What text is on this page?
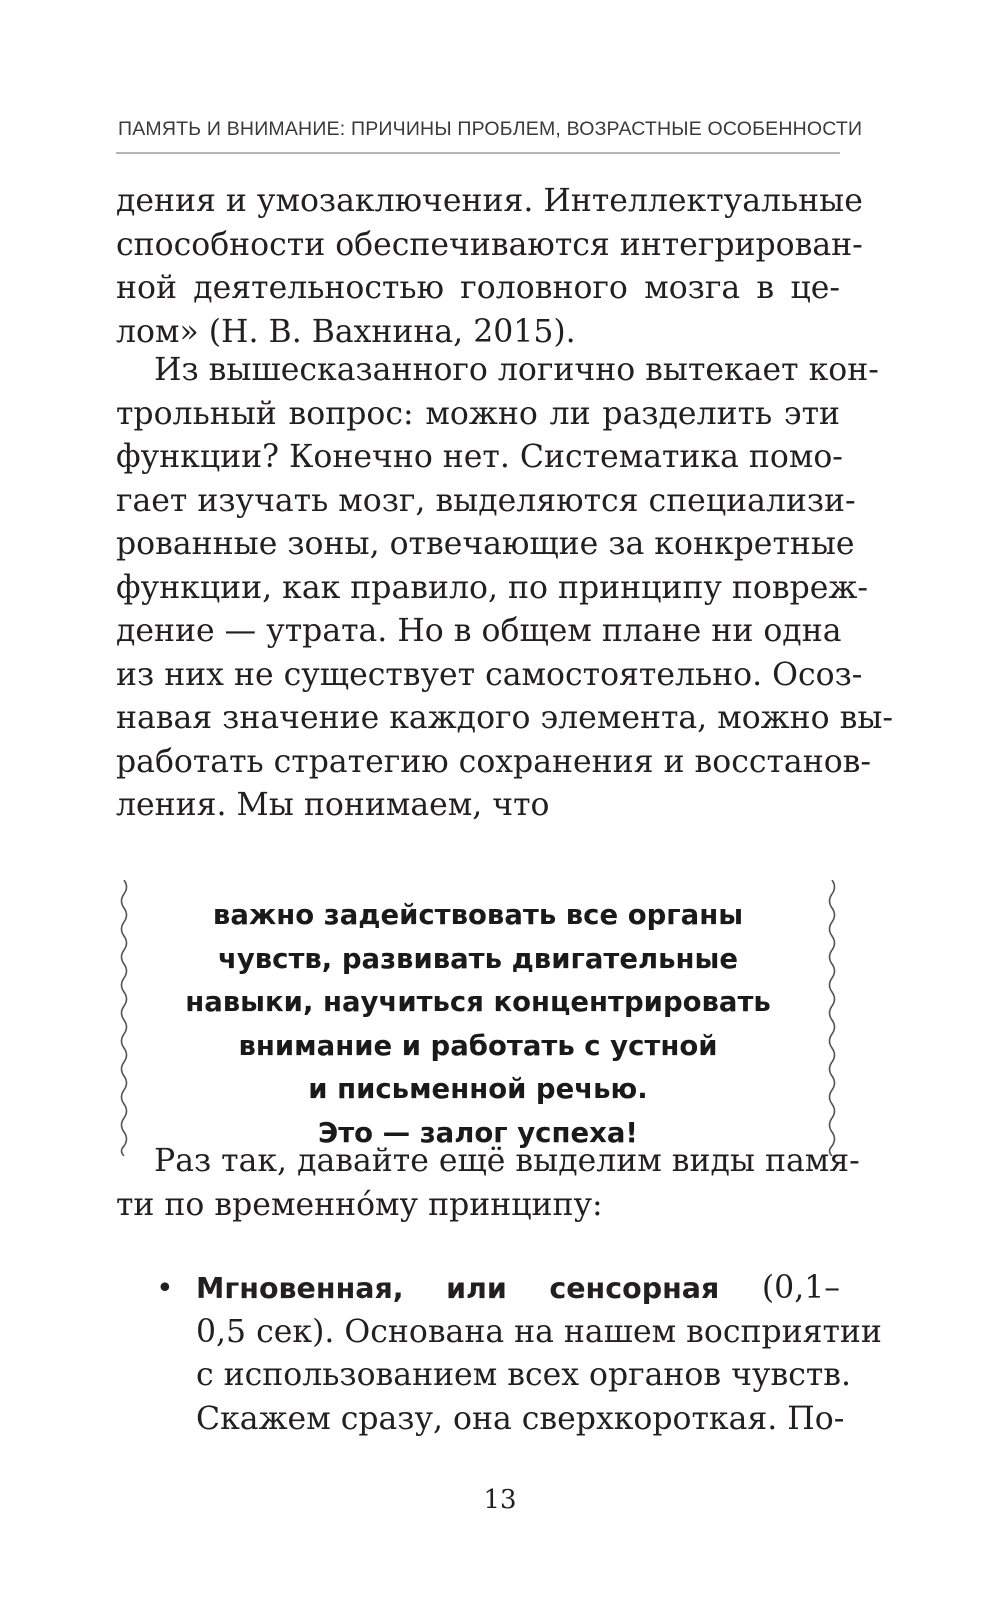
ПАМЯТЬ И ВНИМАНИЕ: ПРИЧИНЫ ПРОБЛЕМ, ВОЗРАСТНЫЕ ОСОБЕННОСТИ
дения и умозаключения. Интеллектуальные
способности обеспечиваются интегрирован-
ной деятельностью головного мозга в це-
лом» (Н. В. Вахнина, 2015).
Из вышесказанного логично вытекает кон-
трольный вопрос: можно ли разделить эти
функции? Конечно нет. Систематика помо-
гает изучать мозг, выделяются специализи-
рованные зоны, отвечающие за конкретные
функции, как правило, по принципу повреж-
дение — утрата. Но в общем плане ни одна
из них не существует самостоятельно. Осоз-
навая значение каждого элемента, можно вы-
работать стратегию сохранения и восстанов-
ления. Мы понимаем, что
важно задействовать все органы
чувств, развивать двигательные
навыки, научиться концентрировать
внимание и работать с устной
и письменной речью.
Это — залог успеха!
Раз так, давайте ещё выделим виды памя-
ти по временно́му принципу:
• Мгновенная, или сенсорная (0,1–
0,5 сек). Основана на нашем восприятии
с использованием всех органов чувств.
Скажем сразу, она сверхкороткая. По-
13
